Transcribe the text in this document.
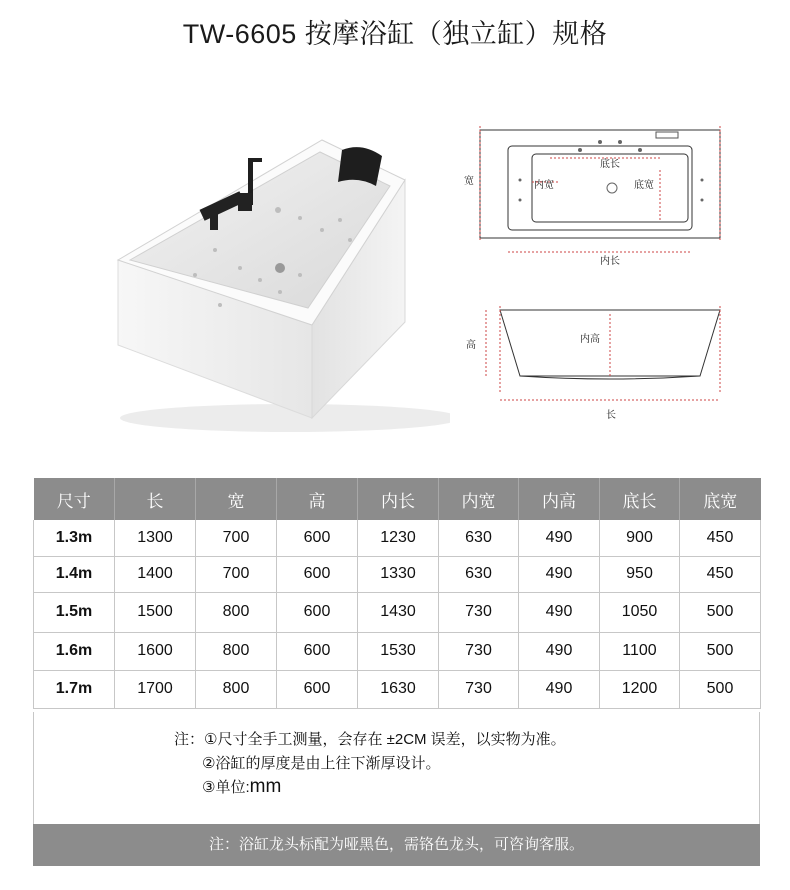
TW-6605 按摩浴缸（独立缸）规格
宽
底长
内宽	底宽
内长
高
内高
长
尺寸	长	宽	高	内长	内宽	内高	底长	底宽
1.3m	1300	700	600	1230	630	490	900	450
1.4m	1400	700	600	1330	630	490	950	450
1.5m	1500	800	600	1430	730	490	1050	500
1.6m	1600	800	600	1530	730	490	1100	500
1.7m	1700	800	600	1630	730	490	1200	500
注：①尺寸全手工测量，会存在 ±2CM 误差，以实物为准。
②浴缸的厚度是由上往下渐厚设计。
③单位:mm
注：浴缸龙头标配为哑黑色，需铬色龙头，可咨询客服。
